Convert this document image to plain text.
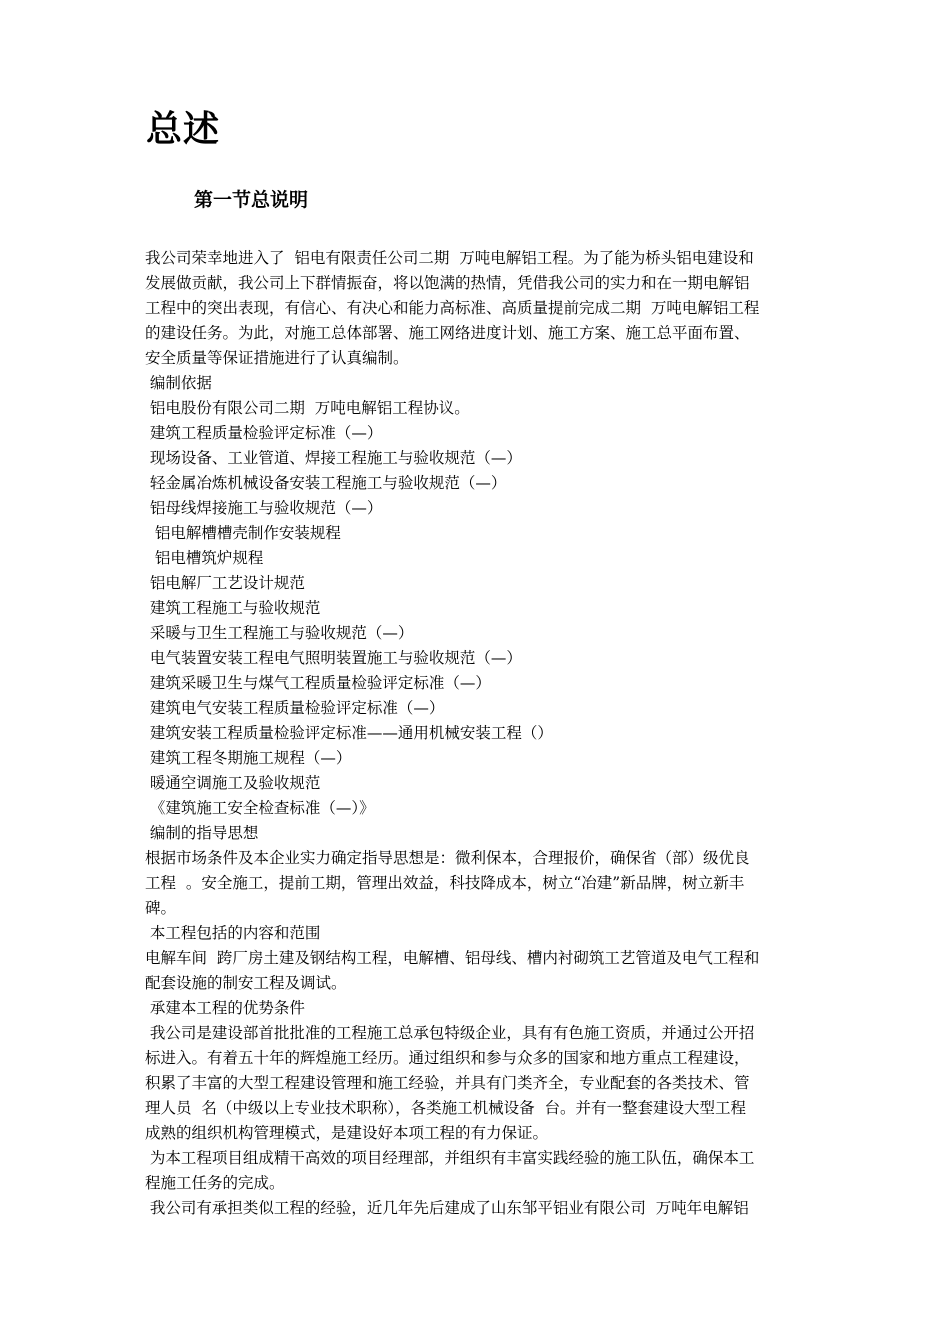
总述
第一节总说明

我公司荣幸地进入了  铝电有限责任公司二期  万吨电解铝工程。为了能为桥头铝电建设和

发展做贡献，我公司上下群情振奋，将以饱满的热情，凭借我公司的实力和在一期电解铝

工程中的突出表现，有信心、有决心和能力高标准、高质量提前完成二期  万吨电解铝工程

的建设任务。为此，对施工总体部署、施工网络进度计划、施工方案、施工总平面布置、

安全质量等保证措施进行了认真编制。

编制依据

铝电股份有限公司二期  万吨电解铝工程协议。

建筑工程质量检验评定标准（—）

现场设备、工业管道、焊接工程施工与验收规范（—）

轻金属冶炼机械设备安装工程施工与验收规范（—）

铝母线焊接施工与验收规范（—）

铝电解槽槽壳制作安装规程

铝电槽筑炉规程

铝电解厂工艺设计规范

建筑工程施工与验收规范

采暖与卫生工程施工与验收规范（—）

电气装置安装工程电气照明装置施工与验收规范（—）

建筑采暖卫生与煤气工程质量检验评定标准（—）

建筑电气安装工程质量检验评定标准（—）

建筑安装工程质量检验评定标准——通用机械安装工程（）

建筑工程冬期施工规程（—）

暖通空调施工及验收规范

《建筑施工安全检查标准（—）》

编制的指导思想

根据市场条件及本企业实力确定指导思想是：微利保本，合理报价，确保省（部）级优良

工程  。安全施工，提前工期，管理出效益，科技降成本，树立“冶建”新品牌，树立新丰

碑。

本工程包括的内容和范围

电解车间  跨厂房土建及钢结构工程，电解槽、铝母线、槽内衬砌筑工艺管道及电气工程和

配套设施的制安工程及调试。

承建本工程的优势条件

我公司是建设部首批批准的工程施工总承包特级企业，具有有色施工资质，并通过公开招

标进入。有着五十年的辉煌施工经历。通过组织和参与众多的国家和地方重点工程建设，

积累了丰富的大型工程建设管理和施工经验，并具有门类齐全，专业配套的各类技术、管

理人员  名（中级以上专业技术职称），各类施工机械设备  台。并有一整套建设大型工程

成熟的组织机构管理模式，是建设好本项工程的有力保证。

为本工程项目组成精干高效的项目经理部，并组织有丰富实践经验的施工队伍，确保本工

程施工任务的完成。

我公司有承担类似工程的经验，近几年先后建成了山东邹平铝业有限公司  万吨年电解铝
